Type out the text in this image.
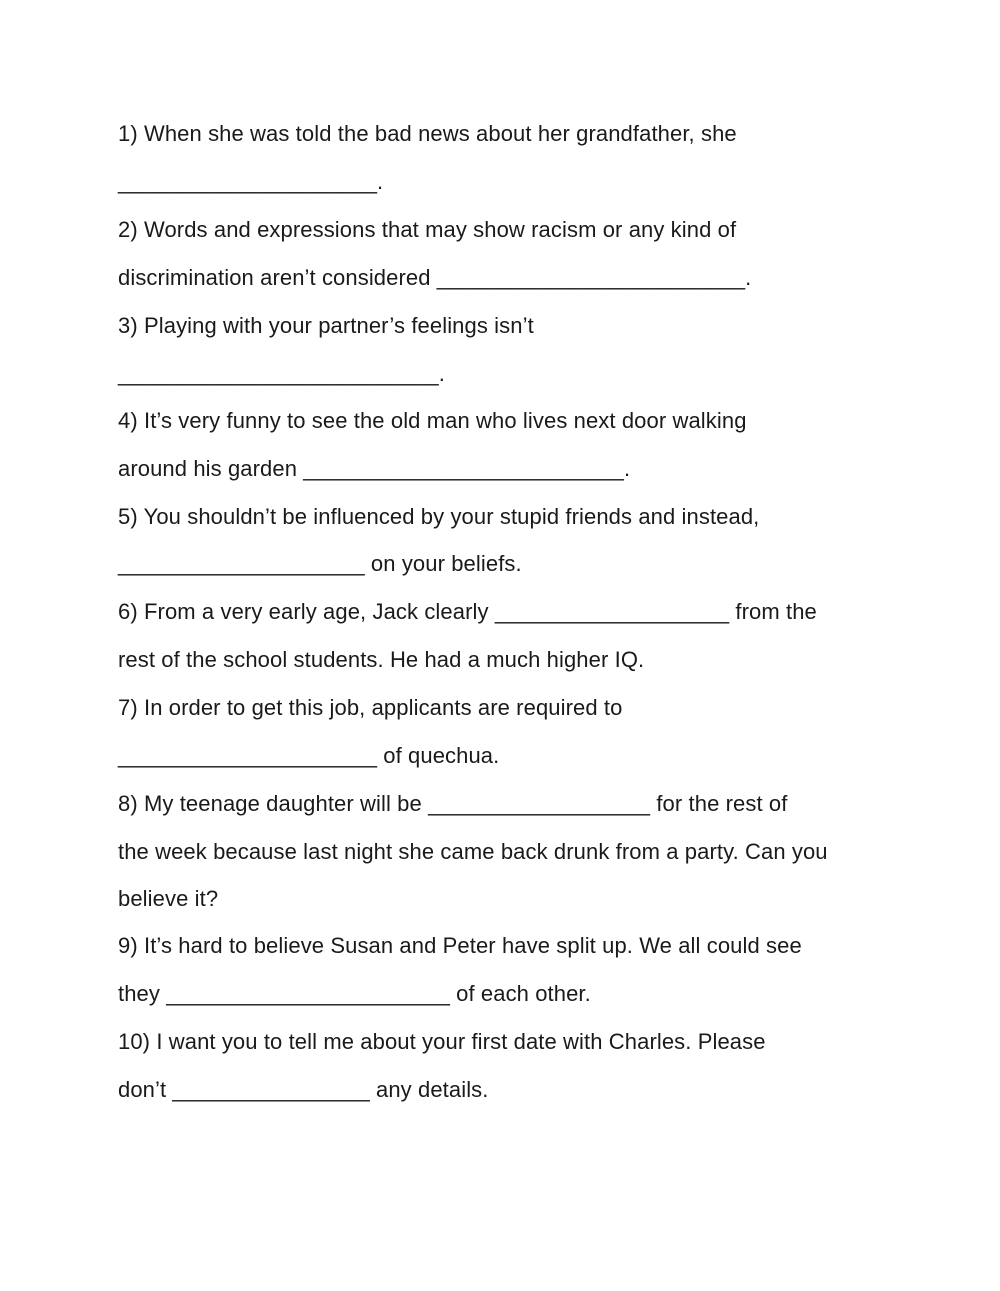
1) When she was told the bad news about her grandfather, she
_____________________.
2) Words and expressions that may show racism or any kind of
discrimination aren’t considered _________________________.
3) Playing with your partner’s feelings isn’t
__________________________.
4) It’s very funny to see the old man who lives next door walking
around his garden __________________________.
5) You shouldn’t be influenced by your stupid friends and instead,
____________________ on your beliefs.
6) From a very early age, Jack clearly ___________________ from the
rest of the school students. He had a much higher IQ.
7) In order to get this job, applicants are required to
_____________________ of quechua.
8) My teenage daughter will be __________________ for the rest of
the week because last night she came back drunk from a party. Can you
believe it?
9) It’s hard to believe Susan and Peter have split up. We all could see
they _______________________ of each other.
10) I want you to tell me about your first date with Charles. Please
don’t ________________ any details.
